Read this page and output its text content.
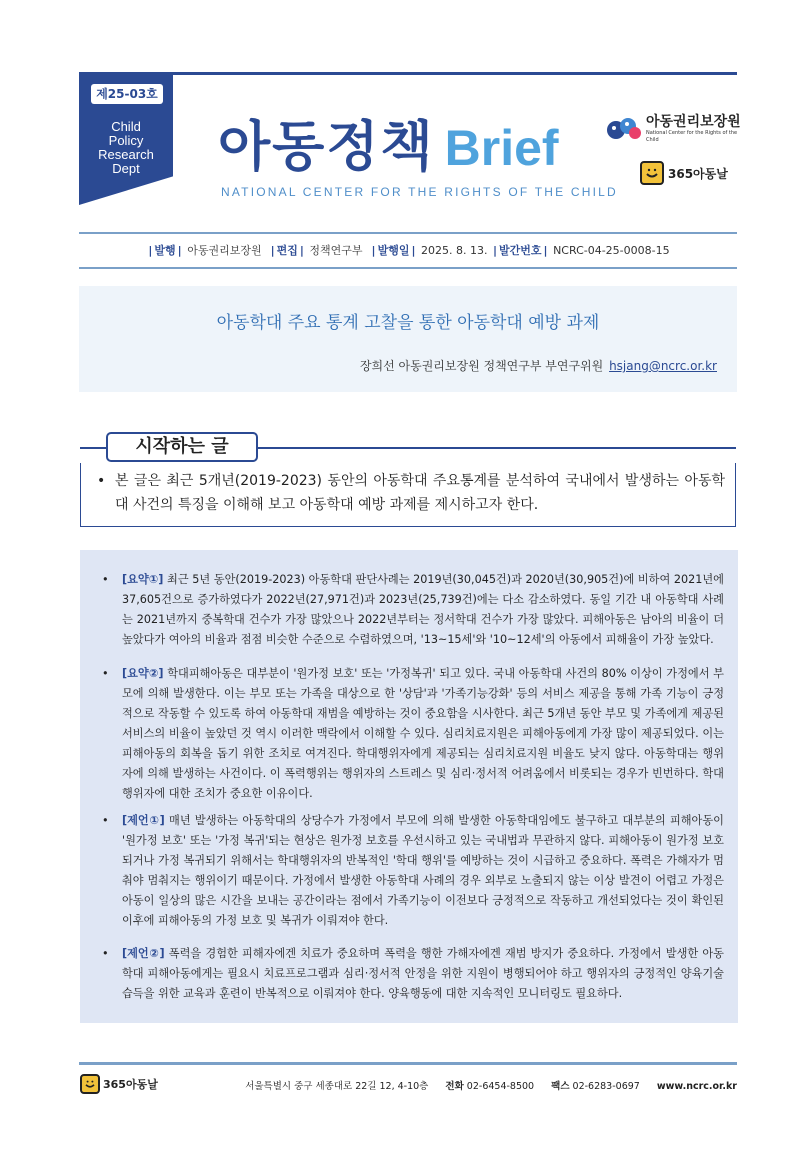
제25-03호
Child
Policy
Research
Dept	아동정책 Brief
NATIONAL CENTER FOR THE RIGHTS OF THE CHILD
아동권리보장원
National Center for the Rights of the Child
365아동날
| 발행 | 아동권리보장원 | 편집 | 정책연구부 | 발행일 | 2025. 8. 13. | 발간번호 | NCRC-04-25-0008-15
아동학대 주요 통계 고찰을 통한 아동학대 예방 과제
장희선 아동권리보장원 정책연구부 부연구위원 hsjang@ncrc.or.kr
시작하는 글
• 본 글은 최근 5개년(2019-2023) 동안의 아동학대 주요통계를 분석하여 국내에서 발생하는 아동학대 사건의 특징을 이해해 보고 아동학대 예방 과제를 제시하고자 한다.
• [요약①] 최근 5년 동안(2019-2023) 아동학대 판단사례는 2019년(30,045건)과 2020년(30,905건)에 비하여 2021년에 37,605건으로 증가하였다가 2022년(27,971건)과 2023년(25,739건)에는 다소 감소하였다. 동일 기간 내 아동학대 사례는 2021년까지 중복학대 건수가 가장 많았으나 2022년부터는 정서학대 건수가 가장 많았다. 피해아동은 남아의 비율이 더 높았다가 여아의 비율과 점점 비슷한 수준으로 수렴하였으며, '13~15세'와 '10~12세'의 아동에서 피해율이 가장 높았다.
• [요약②] 학대피해아동은 대부분이 '원가정 보호' 또는 '가정복귀' 되고 있다. 국내 아동학대 사건의 80% 이상이 가정에서 부모에 의해 발생한다. 이는 부모 또는 가족을 대상으로 한 '상담'과 '가족기능강화' 등의 서비스 제공을 통해 가족 기능이 긍정적으로 작동할 수 있도록 하여 아동학대 재범을 예방하는 것이 중요함을 시사한다. 최근 5개년 동안 부모 및 가족에게 제공된 서비스의 비율이 높았던 것 역시 이러한 맥락에서 이해할 수 있다. 심리치료지원은 피해아동에게 가장 많이 제공되었다. 이는 피해아동의 회복을 돕기 위한 조치로 여겨진다. 학대행위자에게 제공되는 심리치료지원 비율도 낮지 않다. 아동학대는 행위자에 의해 발생하는 사건이다. 이 폭력행위는 행위자의 스트레스 및 심리·정서적 어려움에서 비롯되는 경우가 빈번하다. 학대행위자에 대한 조치가 중요한 이유이다.
• [제언①] 매년 발생하는 아동학대의 상당수가 가정에서 부모에 의해 발생한 아동학대임에도 불구하고 대부분의 피해아동이 '원가정 보호' 또는 '가정 복귀'되는 현상은 원가정 보호를 우선시하고 있는 국내법과 무관하지 않다. 피해아동이 원가정 보호되거나 가정 복귀되기 위해서는 학대행위자의 반복적인 '학대 행위'를 예방하는 것이 시급하고 중요하다. 폭력은 가해자가 멈춰야 멈춰지는 행위이기 때문이다. 가정에서 발생한 아동학대 사례의 경우 외부로 노출되지 않는 이상 발견이 어렵고 가정은 아동이 일상의 많은 시간을 보내는 공간이라는 점에서 가족기능이 이전보다 긍정적으로 작동하고 개선되었다는 것이 확인된 이후에 피해아동의 가정 보호 및 복귀가 이뤄져야 한다.
• [제언②] 폭력을 경험한 피해자에겐 치료가 중요하며 폭력을 행한 가해자에겐 재범 방지가 중요하다. 가정에서 발생한 아동학대 피해아동에게는 필요시 치료프로그램과 심리·정서적 안정을 위한 지원이 병행되어야 하고 행위자의 긍정적인 양육기술 습득을 위한 교육과 훈련이 반복적으로 이뤄져야 한다. 양육행동에 대한 지속적인 모니터링도 필요하다.
365아동날	서울특별시 중구 세종대로 22길 12, 4-10층 전화 02-6454-8500 팩스 02-6283-0697 www.ncrc.or.kr
